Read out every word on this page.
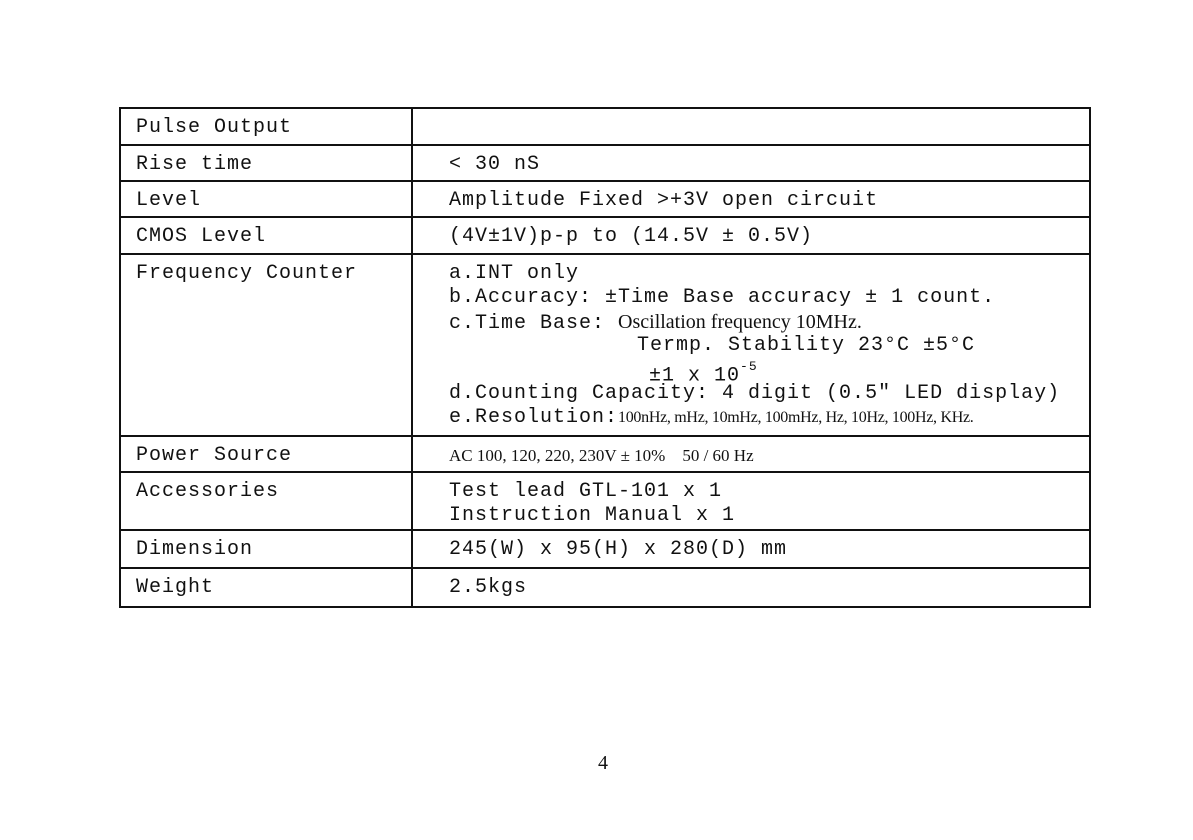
Pulse Output
Rise time	< 30 nS
Level	Amplitude Fixed >+3V open circuit
CMOS Level	(4V±1V)p-p to (14.5V ± 0.5V)
Frequency Counter	a.INT only
b.Accuracy: ±Time Base accuracy ± 1 count.
c.Time Base: Oscillation frequency 10MHz.
Termp. Stability 23°C ±5°C
±1 x $10^{-5}$
d.Counting Capacity: 4 digit (0.5" LED display)
e.Resolution:100nHz, mHz, 10mHz, 100mHz, Hz, 10Hz, 100Hz, KHz.
Power Source	AC 100, 120, 220, 230V ± 10%    50 / 60 Hz
Accessories	Test lead GTL-101 x 1
Instruction Manual x 1
Dimension	245(W) x 95(H) x 280(D) mm
Weight	2.5kgs
4
